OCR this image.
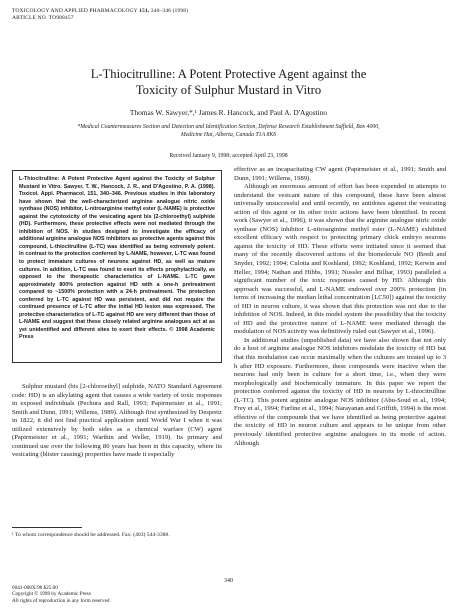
TOXICOLOGY AND APPLIED PHARMACOLOGY 151, 340–346 (1998)
ARTICLE NO. TO988457
L-Thiocitrulline: A Potent Protective Agent against the
Toxicity of Sulphur Mustard in Vitro
Thomas W. Sawyer,*,¹ James R. Hancock, and Paul A. D'Agostino
*Medical Countermeasures Section and Detection and Identification Section, Defense Research Establishment Suffield, Box 4000,
Medicine Hat, Alberta, Canada T1A 8K6
Received January 9, 1998; accepted April 23, 1998

L-Thiocitrulline: A Potent Protective Agent against the Toxicity of Sulphur Mustard in Vitro. Sawyer, T. W., Hancock, J. R., and D'Agostino, P. A. (1998). Toxicol. Appl. Pharmacol. 151, 340–346. Previous studies in this laboratory have shown that the well-characterized arginine analogue nitric oxide synthase (NOS) inhibitor, L-nitroarginine methyl ester (L-NAME) is protective against the cytotoxicity of the vesicating agent bis (2-chloroethyl) sulphide (HD). Furthermore, these protective effects were not mediated through the inhibition of NOS. In studies designed to investigate the efficacy of additional arginine analogue NOS inhibitors as protective agents against this compound, L-thiocitrulline (L-TC) was identified as being extremely potent. In contrast to the protection conferred by L-NAME, however, L-TC was found to protect immature cultures of neurons against HD, as well as mature cultures. In addition, L-TC was found to exert its effects prophylactically, as opposed to the therapeutic characteristics of L-NAME. L-TC gave approximately 800% protection against HD with a one-h pretreatment compared to ~1500% protection with a 24-h pretreatment. The protection conferred by L-TC against HD was persistent, and did not require the continued presence of L-TC after the initial HD lesion was expressed. The protective characteristics of L-TC against HD are very different than those of L-NAME and suggest that these closely related arginine analogues act at as yet unidentified and different sites to exert their effects. © 1998 Academic Press

Sulphur mustard (bis [2-chloroethyl] sulphide, NATO Standard Agreement code: HD) is an alkylating agent that causes a wide variety of toxic responses in exposed individuals (Pechura and Rall, 1993; Papirmeister et al., 1991; Smith and Dunn, 1991; Willems, 1989). Although first synthesized by Despretz in 1822, it did not find practical application until World War I when it was utilized extensively by both sides as a chemical warfare (CW) agent (Papirmeister et al., 1991; Warthin and Weller, 1919). Its primary and continued use over the following 80 years has been in this capacity, where its vesicating (blister causing) properties have made it especially

¹ To whom correspondence should be addressed. Fax: (403) 544-3388.

effective as an incapacitating CW agent (Papirmeister et al., 1991; Smith and Dunn, 1991; Willems, 1989).

Although an enormous amount of effort has been expended in attempts to understand the vesicant nature of this compound, these have been almost universally unsuccessful and until recently, no antidotes against the vesicating action of this agent or its other toxic actions have been identified. In recent work (Sawyer et al., 1996), it was shown that the arginine analogue nitric oxide synthase (NOS) inhibitor L-nitroarginine methyl ester (L-NAME) exhibited excellent efficacy with respect to protecting primary chick embryo neurons against the toxicity of HD. These efforts were initiated since it seemed that many of the recently discovered actions of the biomolecule NO (Bredt and Snyder, 1992; 1994; Culotta and Koshland, 1992; Koshland, 1992; Kerwin and Heller, 1994; Nathan and Hibbs, 1991; Nussler and Billiar, 1993) paralleled a significant number of the toxic responses caused by HD. Although this approach was successful, and L-NAME endowed over 200% protection (in terms of increasing the median lethal concentration [LC50]) against the toxicity of HD in neuron culture, it was shown that this protection was not due to the inhibition of NOS. Indeed, in this model system the possibility that the toxicity of HD and the protective nature of L-NAME were mediated through the modulation of NOS activity was definitively ruled out (Sawyer et al., 1996).

In additional studies (unpublished data) we have also shown that not only do a host of arginine analogue NOS inhibitors modulate the toxicity of HD but that this modulation can occur maximally when the cultures are treated up to 3 h after HD exposure. Furthermore, these compounds were inactive when the neurons had only been in culture for a short time, i.e., when they were morphologically and biochemically immature. In this paper we report the protection conferred against the toxicity of HD in neurons by L-thiocitrulline (L-TC). This potent arginine analogue NOS inhibitor (Abu-Soud et al., 1994; Frey et al., 1994; Furfine et al., 1994; Narayanan and Griffith, 1994) is the most effective of the compounds that we have identified as being protective against the toxicity of HD in neuron culture and appears to be unique from other previously identified protective arginine analogues in its mode of action. Although

340
0041-008X/98 $25.00
Copyright © 1998 by Academic Press
All rights of reproduction in any form reserved.
